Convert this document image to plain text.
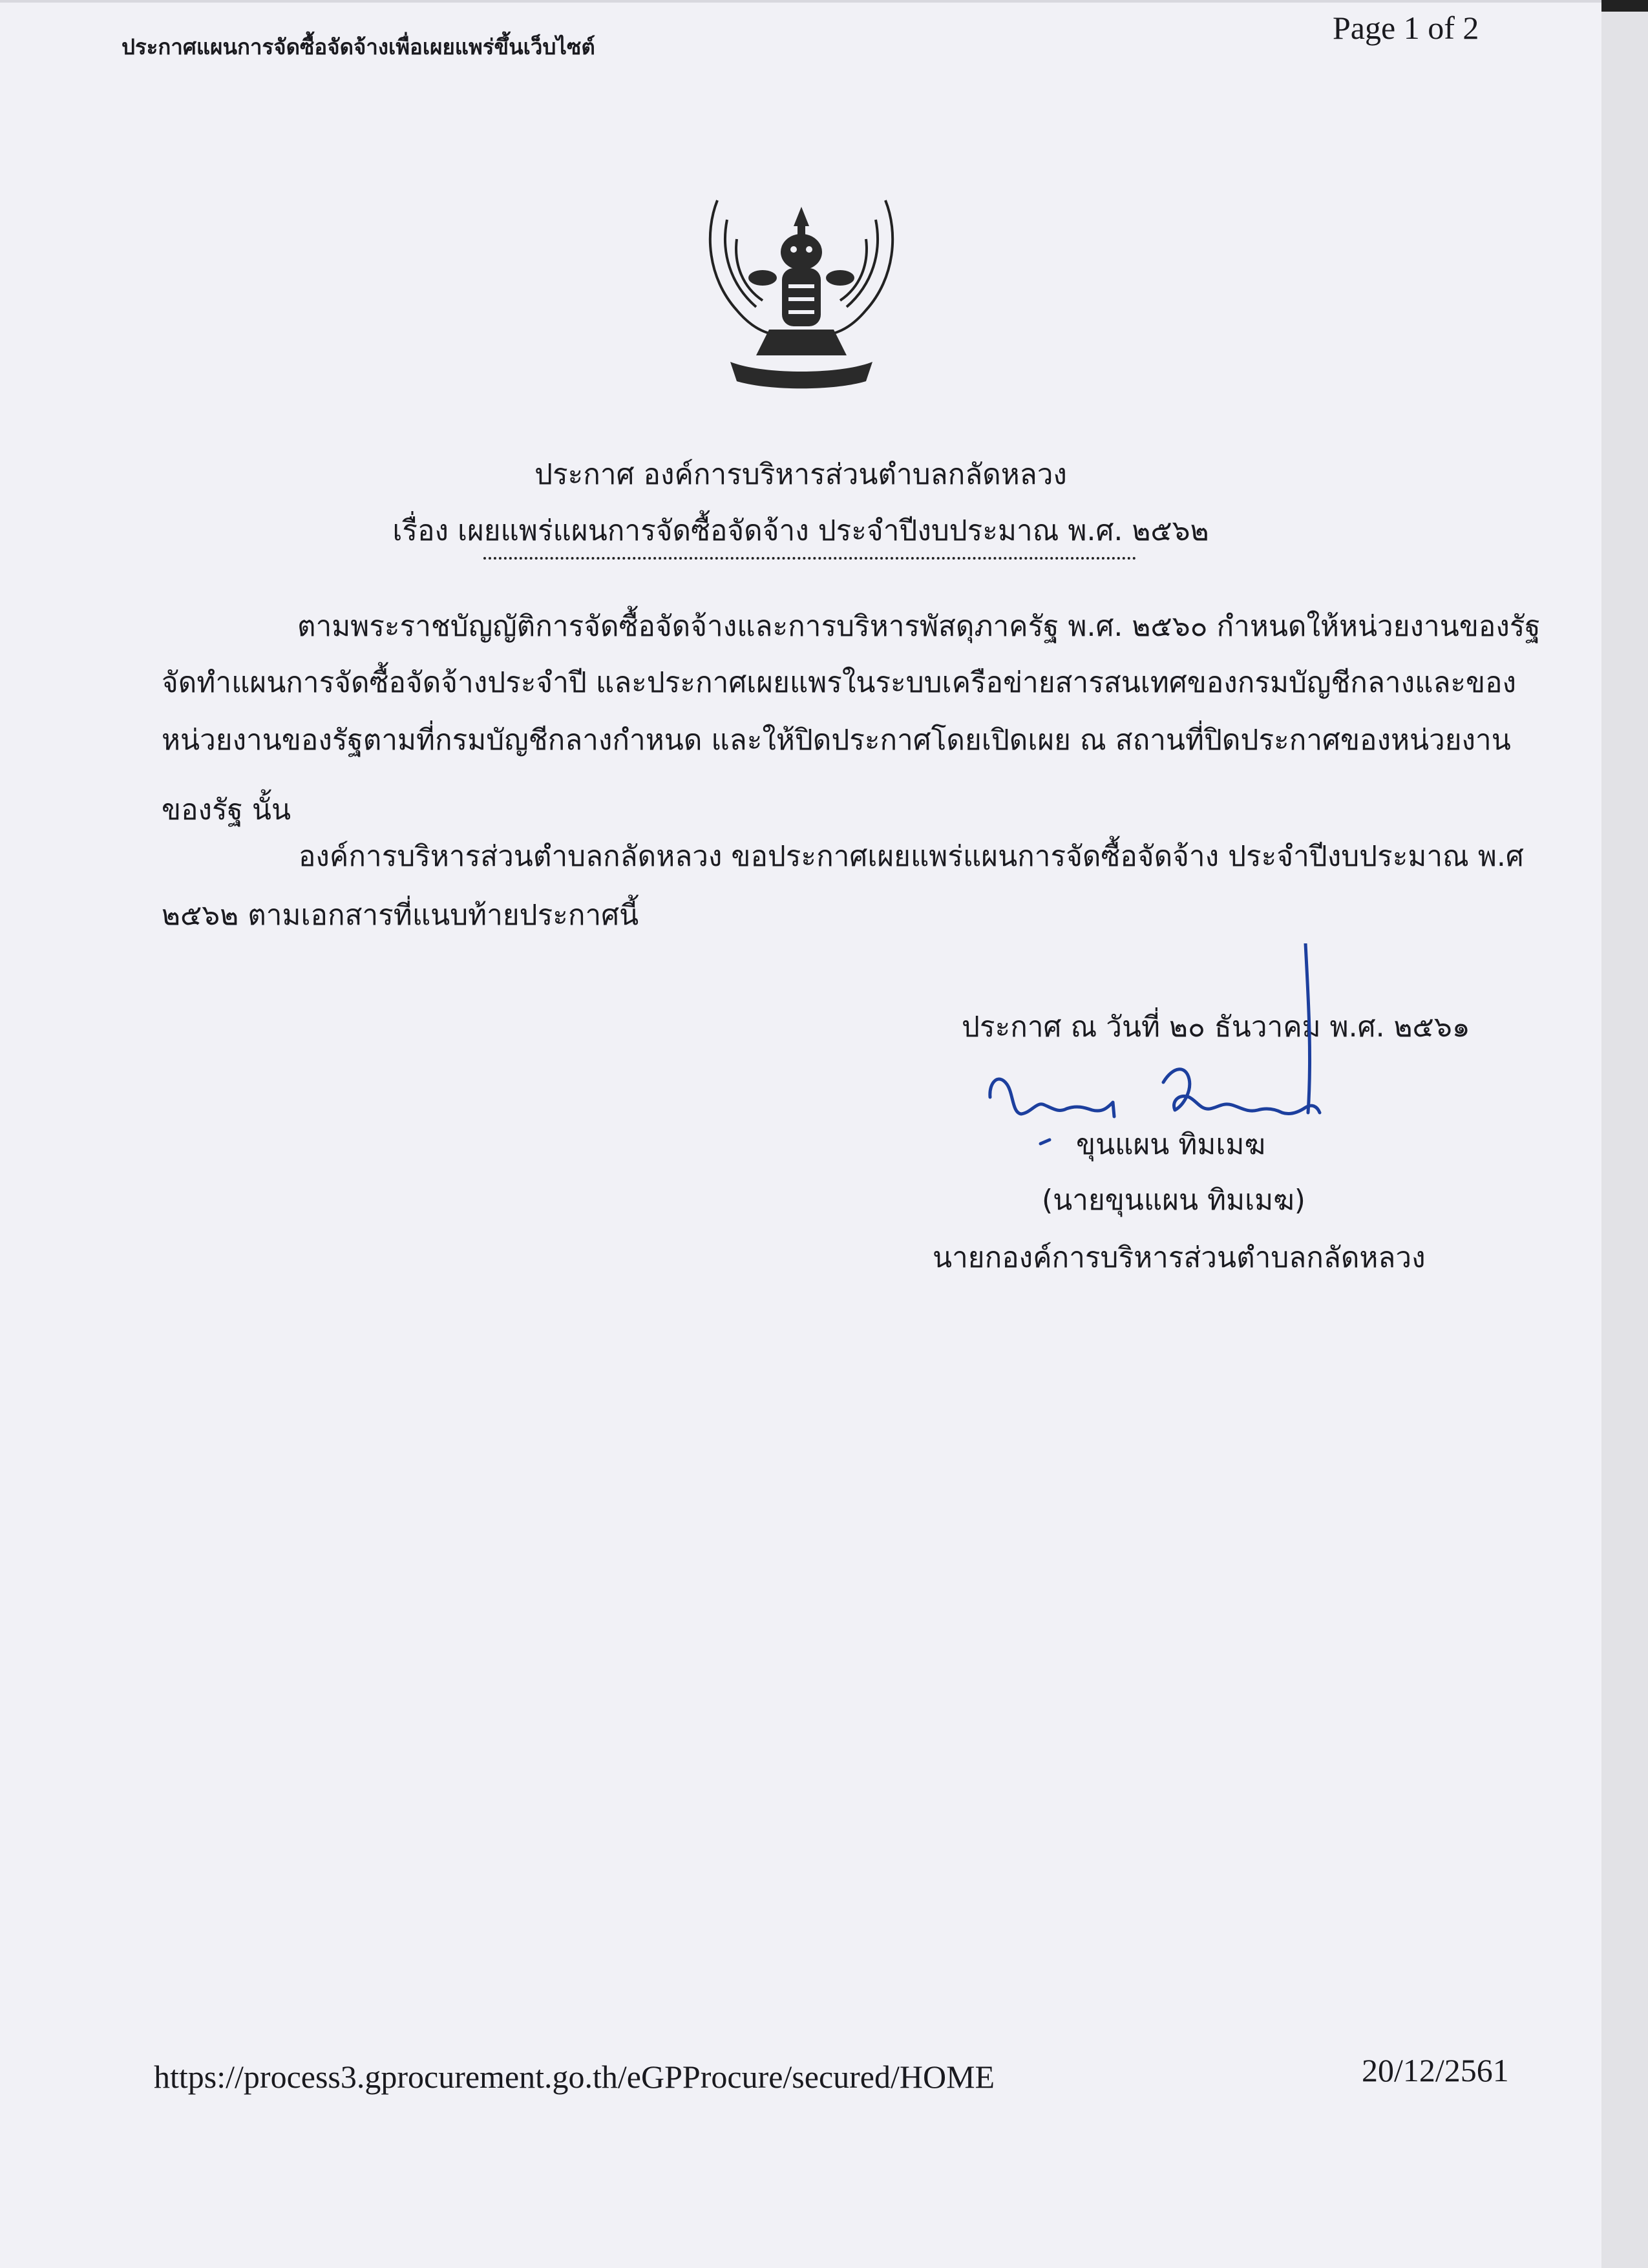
ประกาศแผนการจัดซื้อจัดจ้างเพื่อเผยแพร่ขึ้นเว็บไซต์
Page 1 of 2
ประกาศ องค์การบริหารส่วนตำบลกลัดหลวง
เรื่อง เผยแพร่แผนการจัดซื้อจัดจ้าง ประจำปีงบประมาณ พ.ศ. ๒๕๖๒
ตามพระราชบัญญัติการจัดซื้อจัดจ้างและการบริหารพัสดุภาครัฐ พ.ศ. ๒๕๖๐ กำหนดให้หน่วยงานของรัฐ
จัดทำแผนการจัดซื้อจัดจ้างประจำปี และประกาศเผยแพรในระบบเครือข่ายสารสนเทศของกรมบัญชีกลางและของ
หน่วยงานของรัฐตามที่กรมบัญชีกลางกำหนด และให้ปิดประกาศโดยเปิดเผย ณ สถานที่ปิดประกาศของหน่วยงาน
ของรัฐ นั้น
องค์การบริหารส่วนตำบลกลัดหลวง ขอประกาศเผยแพร่แผนการจัดซื้อจัดจ้าง ประจำปีงบประมาณ พ.ศ
๒๕๖๒ ตามเอกสารที่แนบท้ายประกาศนี้
ประกาศ ณ วันที่ ๒๐ ธันวาคม พ.ศ. ๒๕๖๑
ขุนแผน ทิมเมฆ
(นายขุนแผน ทิมเมฆ)
นายกองค์การบริหารส่วนตำบลกลัดหลวง
https://process3.gprocurement.go.th/eGPProcure/secured/HOME	20/12/2561
